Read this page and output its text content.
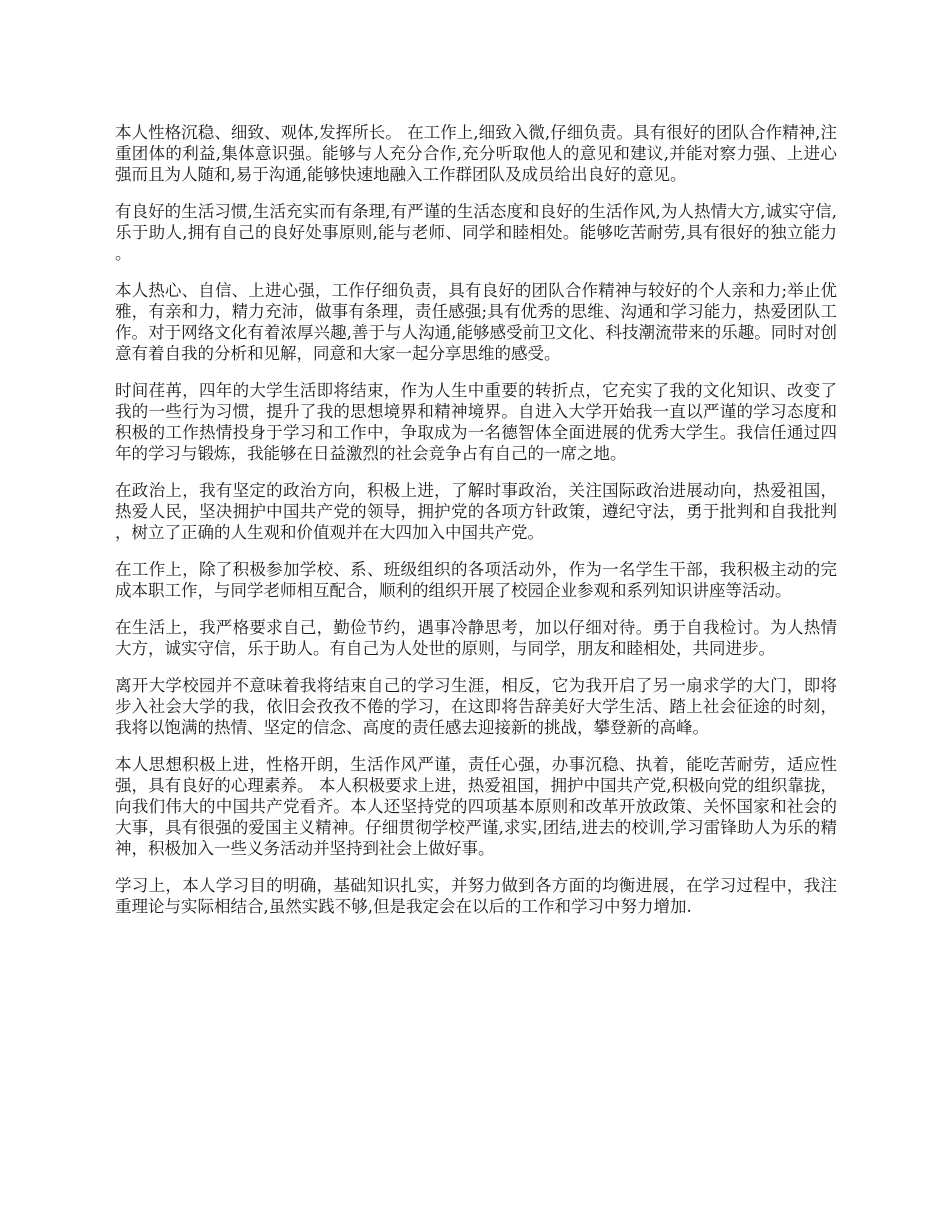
本人性格沉稳、细致、观体,发挥所长。 在工作上,细致入微,仔细负责。具有很好的团队合作精神,注重团体的利益,集体意识强。能够与人充分合作,充分听取他人的意见和建议,并能对察力强、上进心强而且为人随和,易于沟通,能够快速地融入工作群团队及成员给出良好的意见。

有良好的生活习惯,生活充实而有条理,有严谨的生活态度和良好的生活作风,为人热情大方,诚实守信,乐于助人,拥有自己的良好处事原则,能与老师、同学和睦相处。能够吃苦耐劳,具有很好的独立能力。

本人热心、自信、上进心强，工作仔细负责，具有良好的团队合作精神与较好的个人亲和力;举止优雅，有亲和力，精力充沛，做事有条理，责任感强;具有优秀的思维、沟通和学习能力，热爱团队工作。对于网络文化有着浓厚兴趣,善于与人沟通,能够感受前卫文化、科技潮流带来的乐趣。同时对创意有着自我的分析和见解，同意和大家一起分享思维的感受。

时间荏苒，四年的大学生活即将结束，作为人生中重要的转折点，它充实了我的文化知识、改变了我的一些行为习惯，提升了我的思想境界和精神境界。自进入大学开始我一直以严谨的学习态度和积极的工作热情投身于学习和工作中，争取成为一名德智体全面进展的优秀大学生。我信任通过四年的学习与锻炼，我能够在日益激烈的社会竞争占有自己的一席之地。

在政治上，我有坚定的政治方向，积极上进，了解时事政治，关注国际政治进展动向，热爱祖国，热爱人民，坚决拥护中国共产党的领导，拥护党的各项方针政策，遵纪守法，勇于批判和自我批判，树立了正确的人生观和价值观并在大四加入中国共产党。

在工作上，除了积极参加学校、系、班级组织的各项活动外，作为一名学生干部，我积极主动的完成本职工作，与同学老师相互配合，顺利的组织开展了校园企业参观和系列知识讲座等活动。

在生活上，我严格要求自己，勤俭节约，遇事冷静思考，加以仔细对待。勇于自我检讨。为人热情大方，诚实守信，乐于助人。有自己为人处世的原则，与同学，朋友和睦相处，共同进步。

离开大学校园并不意味着我将结束自己的学习生涯，相反，它为我开启了另一扇求学的大门，即将步入社会大学的我，依旧会孜孜不倦的学习，在这即将告辞美好大学生活、踏上社会征途的时刻，我将以饱满的热情、坚定的信念、高度的责任感去迎接新的挑战，攀登新的高峰。

本人思想积极上进，性格开朗，生活作风严谨，责任心强，办事沉稳、执着，能吃苦耐劳，适应性强，具有良好的心理素养。 本人积极要求上进，热爱祖国，拥护中国共产党,积极向党的组织靠拢，向我们伟大的中国共产党看齐。本人还坚持党的四项基本原则和改革开放政策、关怀国家和社会的大事，具有很强的爱国主义精神。仔细贯彻学校严谨,求实,团结,进去的校训,学习雷锋助人为乐的精神，积极加入一些义务活动并坚持到社会上做好事。

学习上，本人学习目的明确，基础知识扎实，并努力做到各方面的均衡进展，在学习过程中，我注重理论与实际相结合,虽然实践不够,但是我定会在以后的工作和学习中努力增加.
